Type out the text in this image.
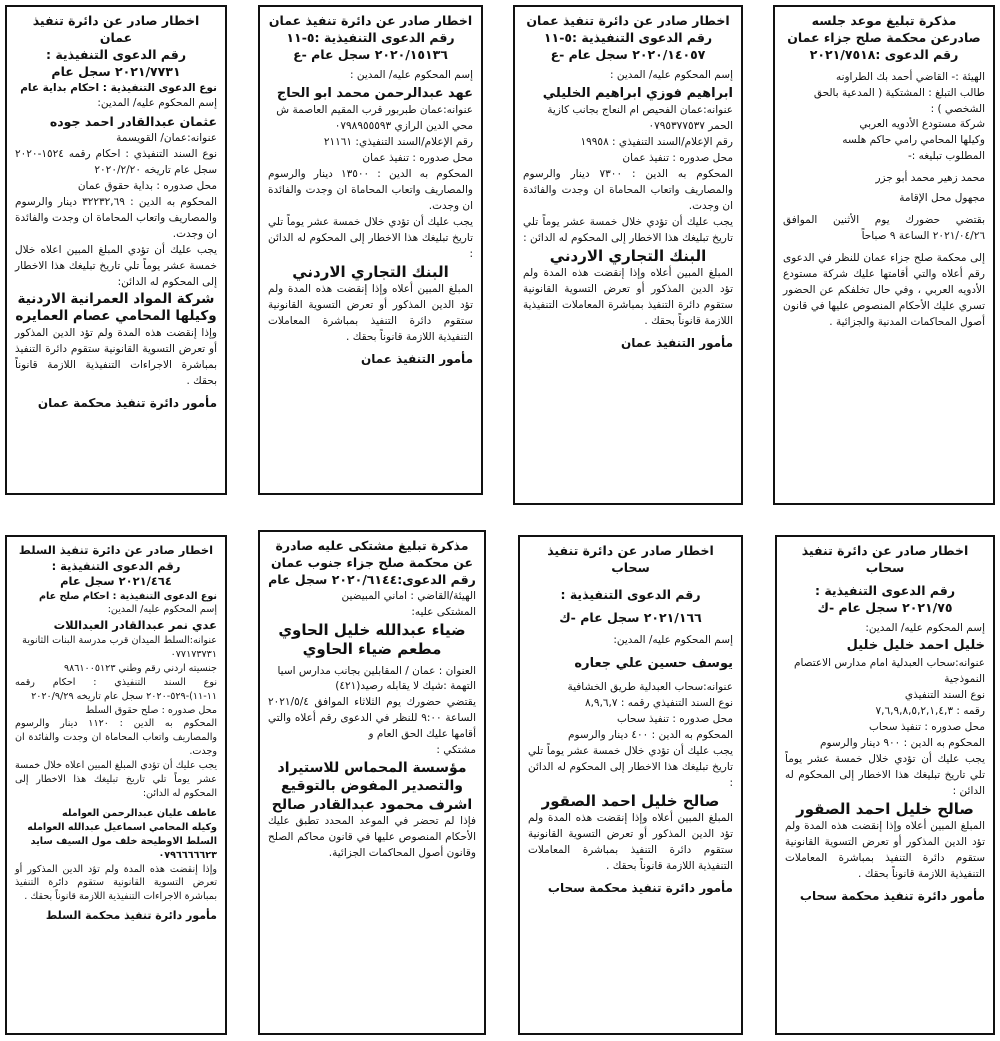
مذكرة تبليغ موعد جلسه

صادرعن محكمة صلح جزاء عمان

رقم الدعوى :٢٠٢١/٧٥١٨

الهيئة :- القاضي أحمد بك الطراونه

طالب التبلغ : المشتكية ( المدعية بالحق الشخصي ) :

شركة مستودع الأدويه العربي

وكيلها المحامي رامي حاكم هلسه

المطلوب تبليغه :-

محمد زهير محمد أبو جزر

مجهول محل الإقامة

بقتضي حضورك يوم الأثنين الموافق ٢٠٢١/٠٤/٢٦ الساعة ٩ صباحاً

إلى محكمة صلح جزاء عمان للنظر في الدعوى رقم أعلاه والتي أقامتها عليك شركة مستودع الأدويه العربي ، وفي حال تخلفكم عن الحضور تسري عليك الأحكام المنصوص عليها في قانون أصول المحاكمات المدنية والجزائية .

اخطار صادر عن دائرة تنفيذ عمان

رقم الدعوى التنفيذية :٥-١١

٢٠٢٠/١٤٠٥٧ سجل عام -ع

إسم المحكوم عليه/ المدين :

ابراهيم فوزي ابراهيم الخليلي

عنوانه:عمان الفحيص ام النعاج بجانب كازية الحمر ٠٧٩٥٣٧٧٥٣٧

رقم الإعلام/السند التنفيذي : ١٩٩٥٨

محل صدوره : تنفيذ عمان

المحكوم به الدين : ٧٣٠٠ دينار والرسوم والمصاريف واتعاب المحاماة ان وجدت والفائدة ان وجدت.

يجب عليك أن تؤدي خلال خمسة عشر يوماً تلي تاريخ تبليغك هذا الاخطار إلى المحكوم له الدائن :

البنك التجاري الاردني

المبلغ المبين أعلاه وإذا إنقضت هذه المدة ولم تؤد الدين المذكور أو تعرض التسوية القانونية ستقوم دائرة التنفيذ بمباشرة المعاملات التنفيذية اللازمة قانوناً بحقك .

مأمور التنفيذ عمان

اخطار صادر عن دائرة تنفيذ عمان

رقم الدعوى التنفيذية :٥-١١

٢٠٢٠/١٥١٣٦ سجل عام -ع

إسم المحكوم عليه/ المدين :

عهد عبدالرحمن محمد ابو الحاج

عنوانه:عمان طبربور قرب المقيم العاصمة ش محي الدين الرازي ٠٧٩٨٩٥٥٥٩٣

رقم الإعلام/السند التنفيذي: ٢١١٦١

محل صدوره : تنفيذ عمان

المحكوم به الدين : ١٣٥٠٠ دينار والرسوم والمصاريف واتعاب المحاماة ان وجدت والفائدة ان وجدت.

يجب عليك أن تؤدي خلال خمسة عشر يوماً تلي تاريخ تبليغك هذا الاخطار إلى المحكوم له الدائن :

البنك التجاري الاردني

المبلغ المبين أعلاه وإذا إنقضت هذه المدة ولم تؤد الدين المذكور أو تعرض التسوية القانونية ستقوم دائرة التنفيذ بمباشرة المعاملات التنفيذية اللازمة قانوناً بحقك .

مأمور التنفيذ عمان

اخطار صادر عن دائرة تنفيذ عمان

رقم الدعوى التنفيذية :

٢٠٢١/٧٧٣١ سجل عام

نوع الدعوى التنفيذية : احكام بداية عام

إسم المحكوم عليه/ المدين:

عثمان عبدالقادر احمد جوده

عنوانه:عمان/ القويسمة

نوع السند التنفيذي : احكام رقمه ١٥٢٤-٢٠٢٠ سجل عام تاريخه ٢٠٢٠/٢/٢٠

محل صدوره : بداية حقوق عمان

المحكوم به الدين : ٣٢٢٣٢,٦٩ دينار والرسوم والمصاريف واتعاب المحاماة ان وجدت والفائدة ان وجدت.

يجب عليك أن تؤدي المبلغ المبين اعلاه خلال خمسة عشر يوماً تلي تاريخ تبليغك هذا الاخطار إلى المحكوم له الدائن:

شركة المواد العمرانية الاردنية

وكيلها المحامي عصام العمايره

وإذا إنقضت هذه المدة ولم تؤد الدين المذكور أو تعرض التسوية القانونية ستقوم دائرة التنفيذ بمباشرة الاجراءات التنفيذية اللازمة قانوناً بحقك .

مأمور دائرة تنفيذ محكمة عمان

اخطار صادر عن دائرة تنفيذ سحاب

رقم الدعوى التنفيذية :

٢٠٢١/٧٥ سجل عام -ك

إسم المحكوم عليه/ المدين:

خليل احمد خليل خليل

عنوانه:سحاب العبدلية امام مدارس الاعتصام النموذجية

نوع السند التنفيذي

رقمه : ٧,٦,٩,٨,٥,٢,١,٤,٣

محل صدوره : تنفيذ سحاب

المحكوم به الدين : ٩٠٠ دينار والرسوم

يجب عليك أن تؤدي خلال خمسة عشر يوماً تلي تاريخ تبليغك هذا الاخطار إلى المحكوم له الدائن :

صالح خليل احمد الصقور

المبلغ المبين أعلاه وإذا إنقضت هذه المدة ولم تؤد الدين المذكور أو تعرض التسوية القانونية ستقوم دائرة التنفيذ بمباشرة المعاملات التنفيذية اللازمة قانوناً بحقك .

مأمور دائرة تنفيذ محكمة سحاب

اخطار صادر عن دائرة تنفيذ سحاب

رقم الدعوى التنفيذية :

٢٠٢١/١٦٦ سجل عام -ك

إسم المحكوم عليه/ المدين:

يوسف حسين علي جعاره

عنوانه:سحاب العبدلية طريق الخشافية

نوع السند التنفيذي رقمه : ٨,٩,٦,٧

محل صدوره : تنفيذ سحاب

المحكوم به الدين : ٤٠٠ دينار والرسوم

يجب عليك أن تؤدي خلال خمسة عشر يوماً تلي تاريخ تبليغك هذا الاخطار إلى المحكوم له الدائن :

صالح خليل احمد الصقور

المبلغ المبين أعلاه وإذا إنقضت هذه المدة ولم تؤد الدين المذكور أو تعرض التسوية القانونية ستقوم دائرة التنفيذ بمباشرة المعاملات التنفيذية اللازمة قانوناً بحقك .

مأمور دائرة تنفيذ محكمة سحاب

مذكرة تبليغ مشتكى عليه صادرة عن محكمة صلح جزاء جنوب عمان

رقم الدعوى:٢٠٢٠/٦١٤٤ سجل عام

الهيئة/القاضي : اماني المبيضين

المشتكى عليه:

ضياء عبدالله خليل الحاوي

مطعم ضياء الحاوي

العنوان : عمان / المقابلين بجانب مدارس اسيا

التهمة :شيك لا يقابله رصيد(٤٢١)

يقتضي حضورك يوم الثلاثاء الموافق ٢٠٢١/٥/٤ الساعة ٩:٠٠ للنظر في الدعوى رقم أعلاه والتي أقامها عليك الحق العام و

مشتكي :

مؤسسة المحماس للاستيراد والتصدير المفوض بالتوقيع اشرف محمود عبدالقادر صالح

فإذا لم تحضر في الموعد المحدد تطبق عليك الأحكام المنصوص عليها في قانون محاكم الصلح وقانون أصول المحاكمات الجزائية.

اخطار صادر عن دائرة تنفيذ السلط

رقم الدعوى التنفيذية :

٢٠٢١/٤٦٤ سجل عام

نوع الدعوى التنفيذية : احكام صلح عام

إسم المحكوم عليه/ المدين:

عدي نمر عبدالقادر العبداللات

عنوانه:السلط الميدان قرب مدرسة البنات الثانوية ٠٧٧١٧٣٧٣١

جنسيته اردني رقم وطني ٩٨٦١٠٠٥١٢٣

نوع السند التنفيذي : احكام رقمه ١١-١١)-٥٢٩-٢٠٢٠ سجل عام تاريخه ٢٠٢٠/٩/٢٩

محل صدوره : صلح حقوق السلط

المحكوم به الدين : ١١٢٠ دينار والرسوم والمصاريف واتعاب المحاماة ان وجدت والفائدة ان وجدت.

يجب عليك أن تؤدي المبلغ المبين اعلاه خلال خمسة عشر يوماً تلي تاريخ تبليغك هذا الاخطار إلى المحكوم له الدائن:

عاطف عليان عبدالرحمن العوامله

وكيله المحامي اسماعيل عبدالله العوامله

السلط الاوطيحة خلف مول السيف ساید ٠٧٩٦٦٦٦٦٢٣

وإذا إنقضت هذه المدة ولم تؤد الدين المذكور أو تعرض التسوية القانونية ستقوم دائرة التنفيذ بمباشرة الاجراءات التنفيذية اللازمة قانوناً بحقك .

مأمور دائرة تنفيذ محكمة السلط
